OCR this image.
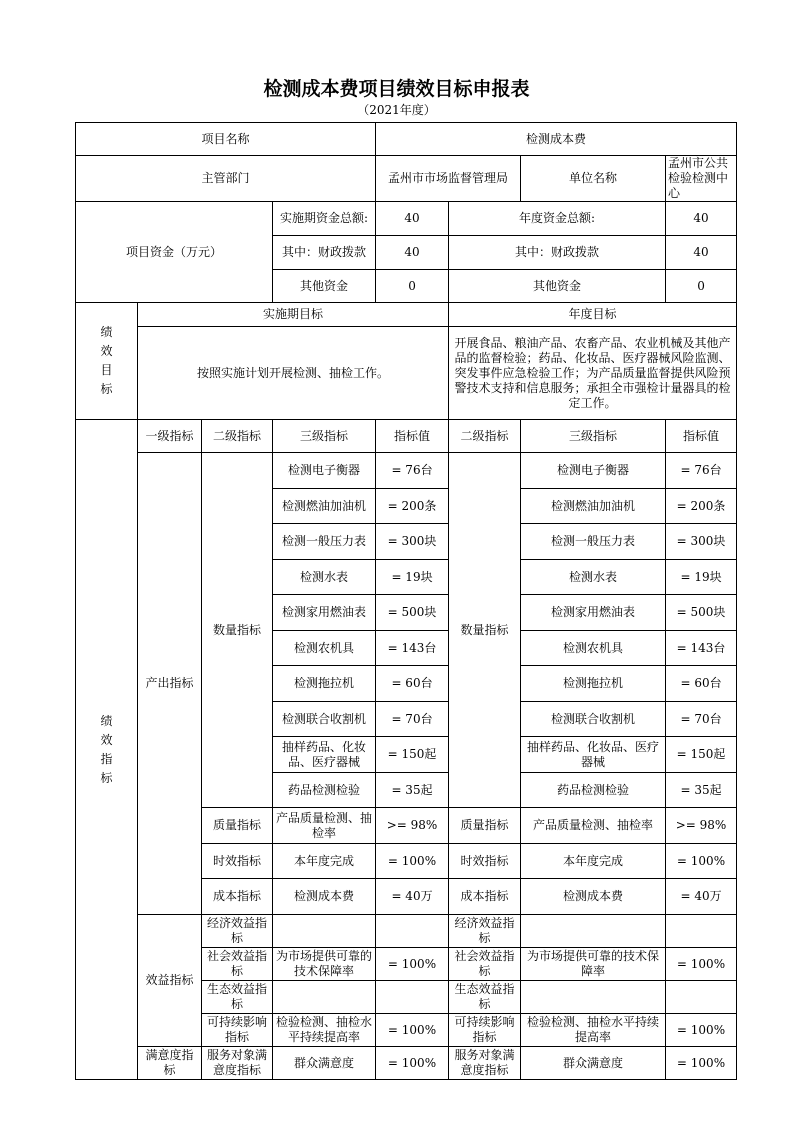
检测成本费项目绩效目标申报表
（2021年度）
项目名称				检测成本费			
主管部门				孟州市市场监督管理局		单位名称	孟州市公共检验检测中心
项目资金（万元）			实施期资金总额:	40	年度资金总额:		40
			其中：财政拨款	40	其中：财政拨款		40
			其他资金	0	其他资金		0
绩效目标	实施期目标				年度目标		
	按照实施计划开展检测、抽检工作。				开展食品、粮油产品、农畜产品、农业机械及其他产品的监督检验；药品、化妆品、医疗器械风险监测、突发事件应急检验工作；为产品质量监督提供风险预警技术支持和信息服务；承担全市强检计量器具的检定工作。		
绩效指标	一级指标	二级指标	三级指标	指标值	二级指标	三级指标	指标值
	产出指标	数量指标	检测电子衡器	= 76台	数量指标	检测电子衡器	= 76台
			检测燃油加油机	= 200条		检测燃油加油机	= 200条
			检测一般压力表	= 300块		检测一般压力表	= 300块
			检测水表	= 19块		检测水表	= 19块
			检测家用燃油表	= 500块		检测家用燃油表	= 500块
			检测农机具	= 143台		检测农机具	= 143台
			检测拖拉机	= 60台		检测拖拉机	= 60台
			检测联合收割机	= 70台		检测联合收割机	= 70台
			抽样药品、化妆品、医疗器械	= 150起		抽样药品、化妆品、医疗器械	= 150起
			药品检测检验	= 35起		药品检测检验	= 35起
		质量指标	产品质量检测、抽检率	>= 98%	质量指标	产品质量检测、抽检率	>= 98%
		时效指标	本年度完成	= 100%	时效指标	本年度完成	= 100%
		成本指标	检测成本费	= 40万	成本指标	检测成本费	= 40万
	效益指标	经济效益指标			经济效益指标		
		社会效益指标	为市场提供可靠的技术保障率	= 100%	社会效益指标	为市场提供可靠的技术保障率	= 100%
		生态效益指标			生态效益指标		
		可持续影响指标	检验检测、抽检水平持续提高率	= 100%	可持续影响指标	检验检测、抽检水平持续提高率	= 100%
	满意度指标	服务对象满意度指标	群众满意度	= 100%	服务对象满意度指标	群众满意度	= 100%
